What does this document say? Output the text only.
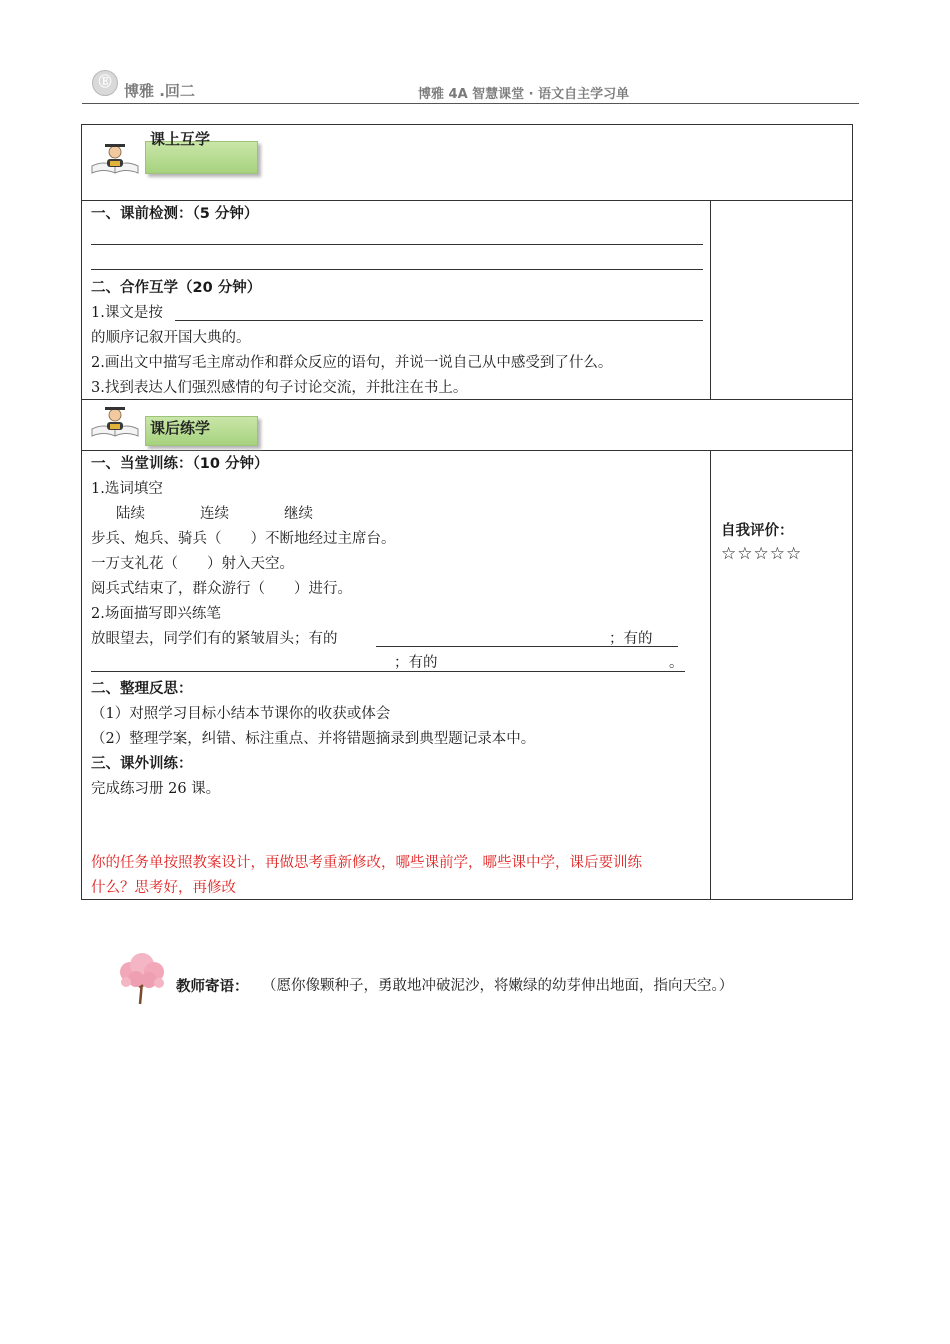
Ⓔ 博雅 .回二	博雅 4A 智慧课堂 · 语文自主学习单
课上互学
一、课前检测：（5 分钟）
二、合作互学（20 分钟）
1.课文是按
的顺序记叙开国大典的。
2.画出文中描写毛主席动作和群众反应的语句，并说一说自己从中感受到了什么。
3.找到表达人们强烈感情的句子讨论交流，并批注在书上。
课后练学
一、当堂训练：（10 分钟）
1.选词填空
陆续	连续	继续
步兵、炮兵、骑兵（　　）不断地经过主席台。
一万支礼花（　　）射入天空。
阅兵式结束了，群众游行（　　）进行。
2.场面描写即兴练笔
放眼望去，同学们有的紧皱眉头；有的	；有的
；有的	。
二、整理反思：
（1）对照学习目标小结本节课你的收获或体会
（2）整理学案，纠错、标注重点、并将错题摘录到典型题记录本中。
三、课外训练：
完成练习册 26 课。
你的任务单按照教案设计，再做思考重新修改，哪些课前学，哪些课中学，课后要训练
什么？思考好，再修改
自我评价：
☆☆☆☆☆
教师寄语： （愿你像颗种子，勇敢地冲破泥沙，将嫩绿的幼芽伸出地面，指向天空。）
